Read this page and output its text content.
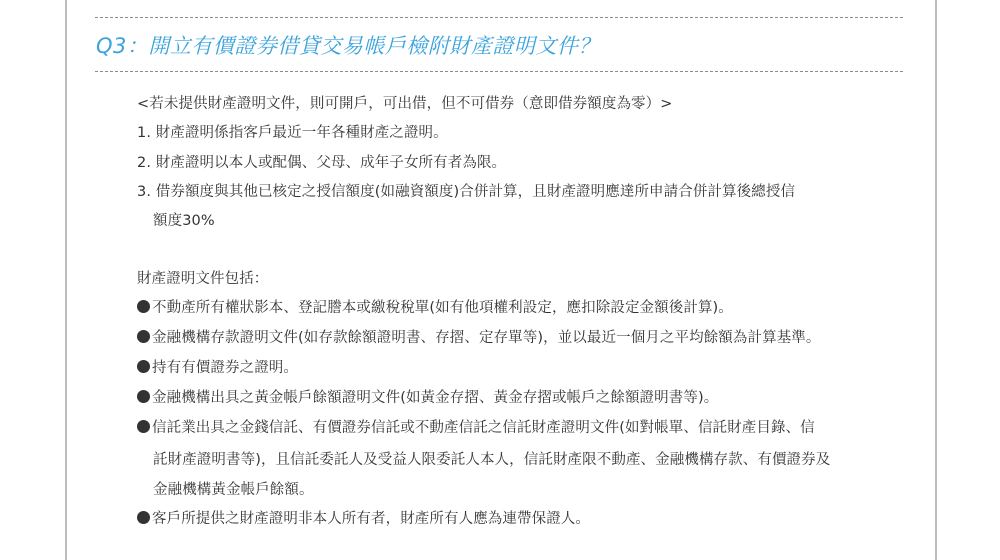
Q3：開立有價證券借貸交易帳戶檢附財產證明文件？
<若未提供財產證明文件，則可開戶，可出借，但不可借券（意即借券額度為零）>
1. 財產證明係指客戶最近一年各種財產之證明。
2. 財產證明以本人或配偶、父母、成年子女所有者為限。
3. 借券額度與其他已核定之授信額度(如融資額度)合併計算，且財產證明應達所申請合併計算後總授信
額度30%
財產證明文件包括：
不動產所有權狀影本、登記謄本或繳稅稅單(如有他項權利設定，應扣除設定金額後計算)。
金融機構存款證明文件(如存款餘額證明書、存摺、定存單等)，並以最近一個月之平均餘額為計算基準。
持有有價證券之證明。
金融機構出具之黃金帳戶餘額證明文件(如黃金存摺、黃金存摺或帳戶之餘額證明書等)。
信託業出具之金錢信託、有價證券信託或不動產信託之信託財產證明文件(如對帳單、信託財產目錄、信
託財產證明書等)，且信託委託人及受益人限委託人本人，信託財產限不動產、金融機構存款、有價證券及
金融機構黃金帳戶餘額。
客戶所提供之財產證明非本人所有者，財產所有人應為連帶保證人。
